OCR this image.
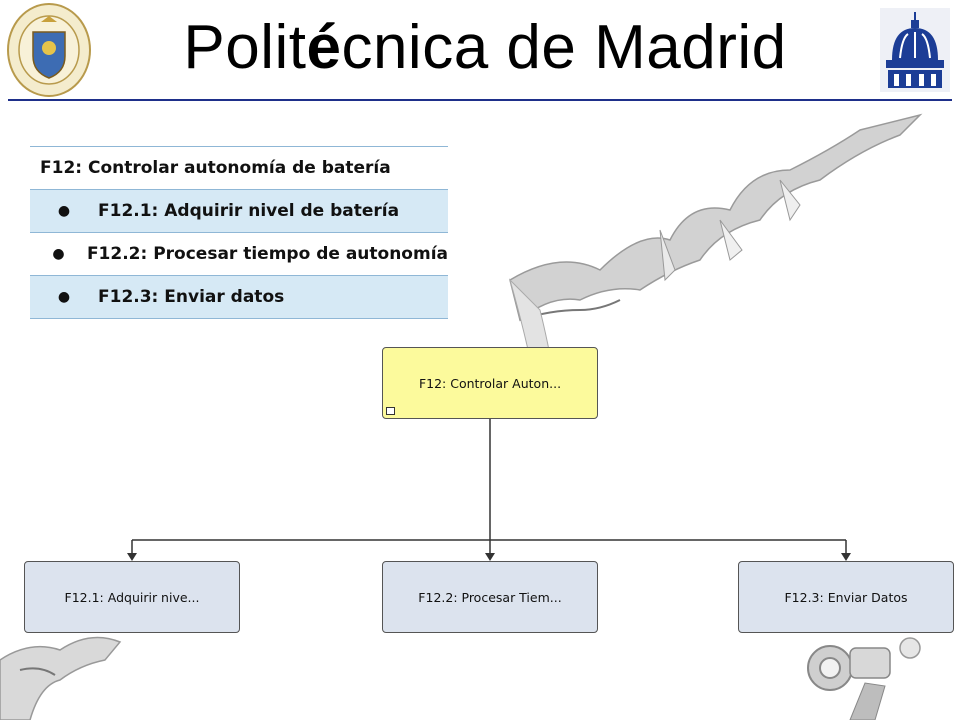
Politécnica de Madrid
F12: Controlar autonomía de batería
●	F12.1: Adquirir nivel de batería
●	F12.2: Procesar tiempo de autonomía
●	F12.3: Enviar datos
F12: Controlar Auton...
F12.1: Adquirir nive...	F12.2: Procesar Tiem...	F12.3: Enviar Datos
